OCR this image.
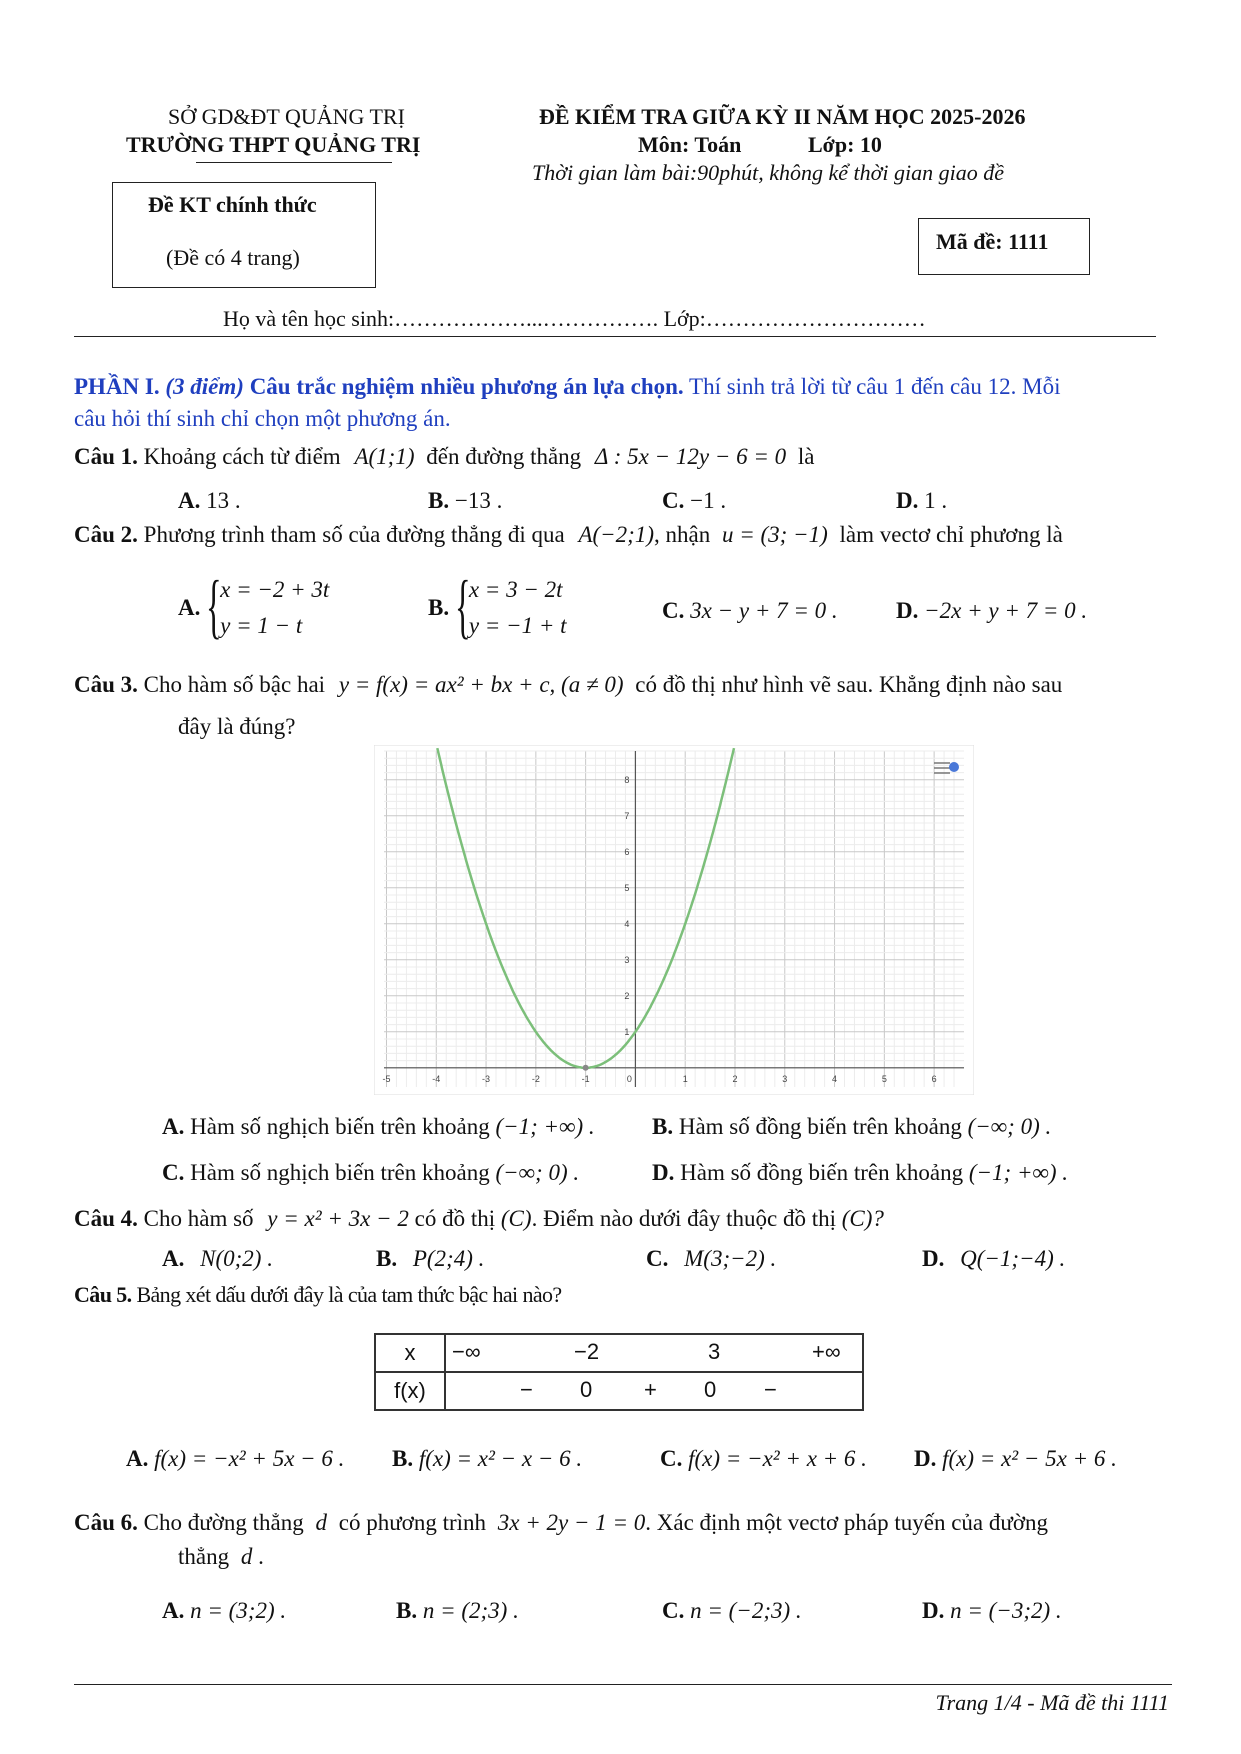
SỞ GD&ĐT QUẢNG TRỊ
TRƯỜNG THPT QUẢNG TRỊ
ĐỀ KIỂM TRA GIỮA KỲ II NĂM HỌC 2025-2026
Môn: Toán	Lớp: 10
Thời gian làm bài:90phút, không kể thời gian giao đề
Đề KT chính thức
(Đề có 4 trang)
Mã đề: 1111
Họ và tên học sinh:………………...……………. Lớp:…………………………
PHẦN I. (3 điểm) Câu trắc nghiệm nhiều phương án lựa chọn. Thí sinh trả lời từ câu 1 đến câu 12. Mỗi
câu hỏi thí sinh chỉ chọn một phương án.
Câu 1. Khoảng cách từ điểm A(1;1) đến đường thẳng Δ : 5x − 12y − 6 = 0 là
A. 13 .	B. −13 .	C. −1 .	D. 1 .
Câu 2. Phương trình tham số của đường thẳng đi qua A(−2;1), nhận u = (3; −1) làm vectơ chỉ phương là
A. {
x = −2 + 3t
y = 1 − t
B. {
x = 3 − 2t
y = −1 + t
C. 3x − y + 7 = 0 .	D. −2x + y + 7 = 0 .
Câu 3. Cho hàm số bậc hai y = f(x) = ax² + bx + c, (a ≠ 0) có đồ thị như hình vẽ sau. Khẳng định nào sau
đây là đúng?
-5	-4	-3	-2	-1	0	1	2	3	4	5	6
1
2
3
4
5
6
7
8
A. Hàm số nghịch biến trên khoảng (−1; +∞) . B. Hàm số đồng biến trên khoảng (−∞; 0) .
C. Hàm số nghịch biến trên khoảng (−∞; 0) .	D. Hàm số đồng biến trên khoảng (−1; +∞) .
Câu 4. Cho hàm số y = x² + 3x − 2 có đồ thị (C). Điểm nào dưới đây thuộc đồ thị (C)?
A. N(0;2) .	B. P(2;4) .	C. M(3;−2) .	D. Q(−1;−4) .
Câu 5. Bảng xét dấu dưới đây là của tam thức bậc hai nào?
x	−∞ −2 3 +∞

f(x)	− 0 + 0 −
A. f(x) = −x² + 5x − 6 . B. f(x) = x² − x − 6 .	C. f(x) = −x² + x + 6 . D. f(x) = x² − 5x + 6 .
Câu 6. Cho đường thẳng d có phương trình 3x + 2y − 1 = 0. Xác định một vectơ pháp tuyến của đường
thẳng d .
A. n = (3;2) .	B. n = (2;3) .	C. n = (−2;3) .	D. n = (−3;2) .
Trang 1/4 - Mã đề thi 1111
